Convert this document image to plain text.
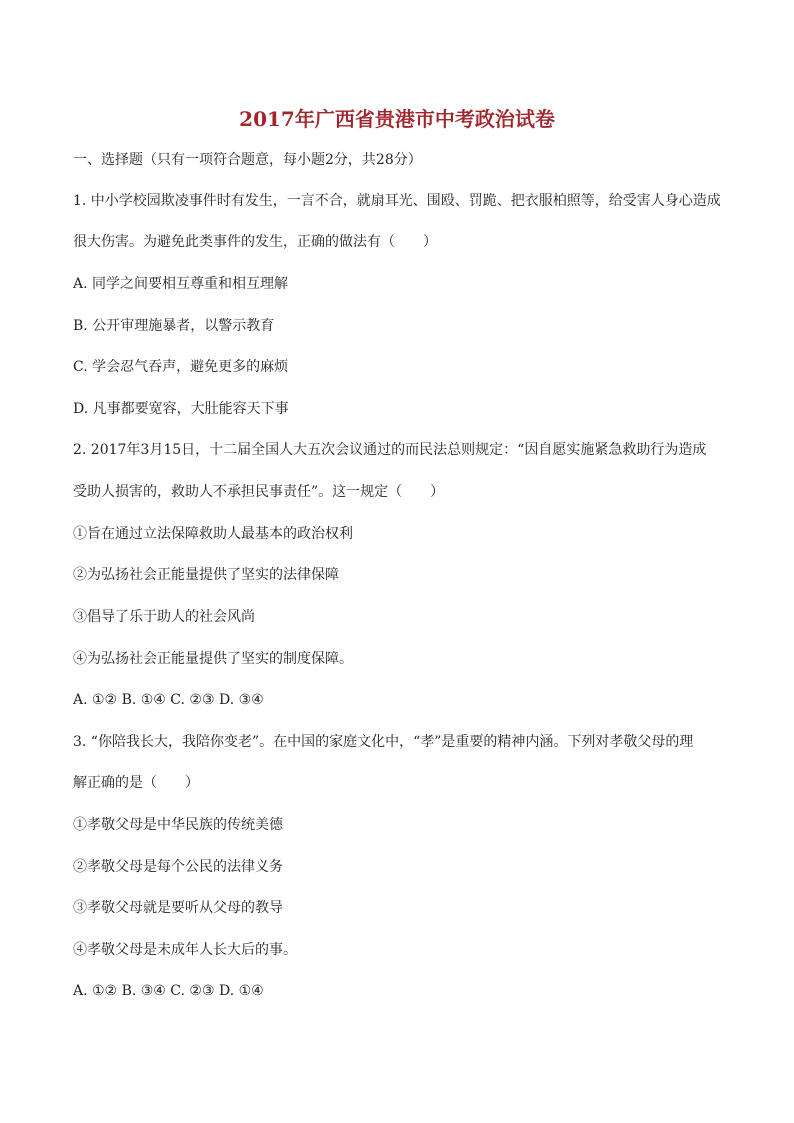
2017年广西省贵港市中考政治试卷
一、选择题（只有一项符合题意，每小题2分，共28分）
1. 中小学校园欺凌事件时有发生，一言不合，就扇耳光、围殴、罚跪、把衣服柏照等，给受害人身心造成
很大伤害。为避免此类事件的发生，正确的做法有（　　）
A. 同学之间要相互尊重和相互理解
B. 公开审理施暴者，以警示教育
C. 学会忍气吞声，避免更多的麻烦
D. 凡事都要宽容，大肚能容天下事
2. 2017年3月15日，十二届全国人大五次会议通过的而民法总则规定：“因自愿实施紧急救助行为造成
受助人损害的，救助人不承担民事责任”。这一规定（　　）
①旨在通过立法保障救助人最基本的政治权利
②为弘扬社会正能量提供了坚实的法律保障
③倡导了乐于助人的社会风尚
④为弘扬社会正能量提供了坚实的制度保障。
A. ①② B. ①④ C. ②③ D. ③④
3. “你陪我长大，我陪你变老”。在中国的家庭文化中，“孝”是重要的精神内涵。下列对孝敬父母的理
解正确的是（　　）
①孝敬父母是中华民族的传统美德
②孝敬父母是每个公民的法律义务
③孝敬父母就是要听从父母的教导
④孝敬父母是未成年人长大后的事。
A. ①② B. ③④ C. ②③ D. ①④
